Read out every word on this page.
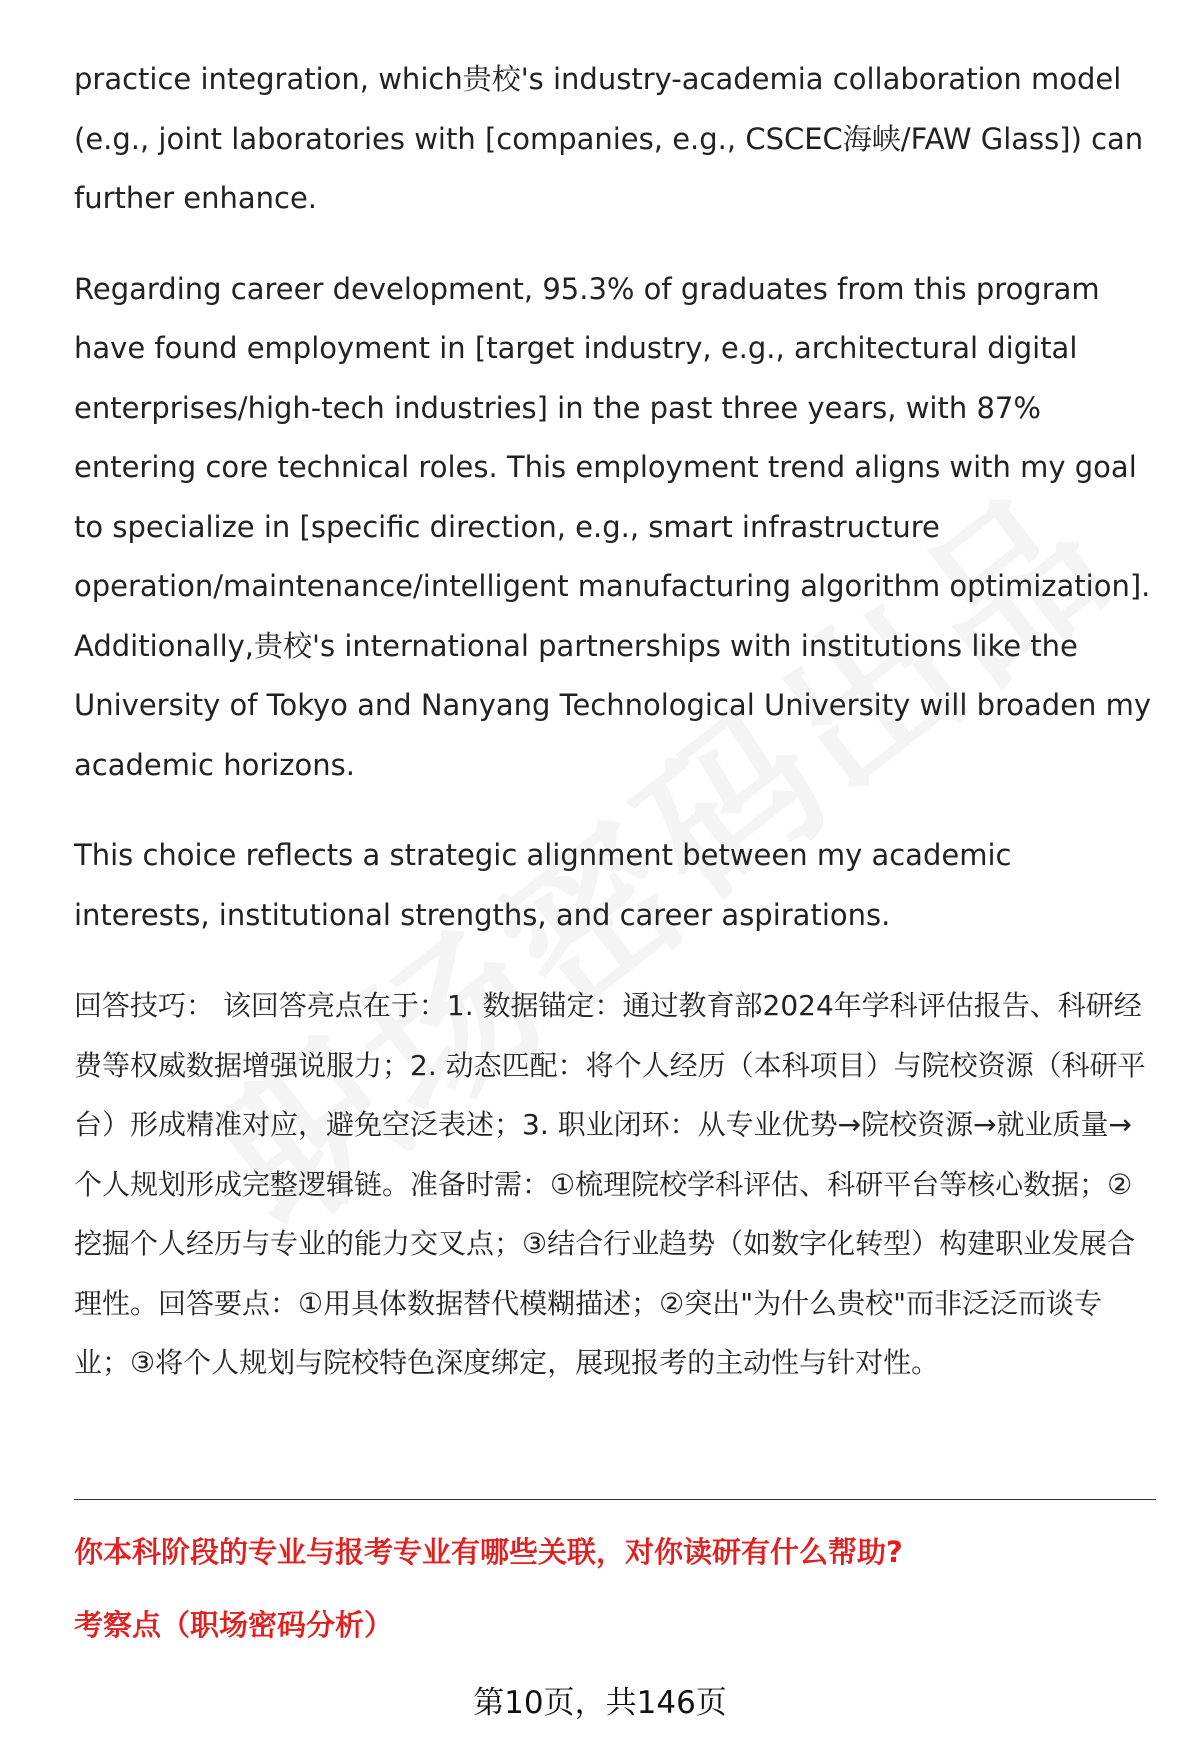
practice integration, which贵校's industry-academia collaboration model (e.g., joint laboratories with [companies, e.g., CSCEC海峡/FAW Glass]) can further enhance.

Regarding career development, 95.3% of graduates from this program have found employment in [target industry, e.g., architectural digital enterprises/high-tech industries] in the past three years, with 87% entering core technical roles. This employment trend aligns with my goal to specialize in [specific direction, e.g., smart infrastructure operation/maintenance/intelligent manufacturing algorithm optimization]. Additionally,贵校's international partnerships with institutions like the University of Tokyo and Nanyang Technological University will broaden my academic horizons.

This choice reflects a strategic alignment between my academic interests, institutional strengths, and career aspirations.

回答技巧： 该回答亮点在于：1. 数据锚定：通过教育部2024年学科评估报告、科研经费等权威数据增强说服力；2. 动态匹配：将个人经历（本科项目）与院校资源（科研平台）形成精准对应，避免空泛表述；3. 职业闭环：从专业优势→院校资源→就业质量→个人规划形成完整逻辑链。准备时需：①梳理院校学科评估、科研平台等核心数据；②挖掘个人经历与专业的能力交叉点；③结合行业趋势（如数字化转型）构建职业发展合理性。回答要点：①用具体数据替代模糊描述；②突出"为什么贵校"而非泛泛而谈专业；③将个人规划与院校特色深度绑定，展现报考的主动性与针对性。

你本科阶段的专业与报考专业有哪些关联，对你读研有什么帮助?
考察点（职场密码分析）
第10页，共146页
